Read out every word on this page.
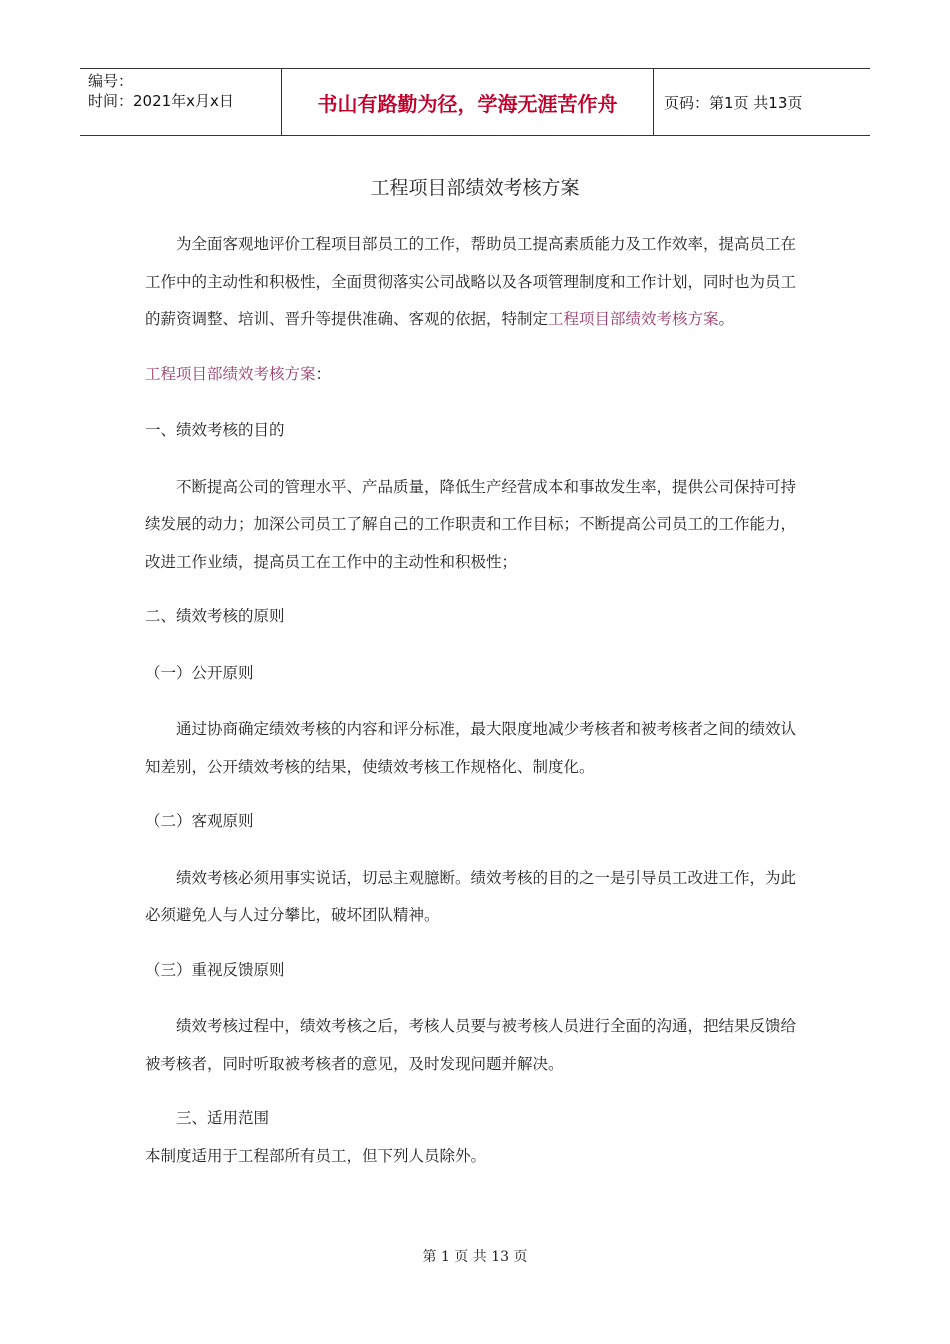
编号：
时间：2021年x月x日	书山有路勤为径，学海无涯苦作舟	页码：第1页 共13页
工程项目部绩效考核方案

为全面客观地评价工程项目部员工的工作，帮助员工提高素质能力及工作效率，提高员工在工作中的主动性和积极性，全面贯彻落实公司战略以及各项管理制度和工作计划，同时也为员工的薪资调整、培训、晋升等提供准确、客观的依据，特制定工程项目部绩效考核方案。

工程项目部绩效考核方案：

一、绩效考核的目的

不断提高公司的管理水平、产品质量，降低生产经营成本和事故发生率，提供公司保持可持续发展的动力；加深公司员工了解自己的工作职责和工作目标；不断提高公司员工的工作能力，改进工作业绩，提高员工在工作中的主动性和积极性；

二、绩效考核的原则

（一）公开原则

通过协商确定绩效考核的内容和评分标准，最大限度地减少考核者和被考核者之间的绩效认知差别，公开绩效考核的结果，使绩效考核工作规格化、制度化。

（二）客观原则

绩效考核必须用事实说话，切忌主观臆断。绩效考核的目的之一是引导员工改进工作，为此必须避免人与人过分攀比，破坏团队精神。

（三）重视反馈原则

绩效考核过程中，绩效考核之后，考核人员要与被考核人员进行全面的沟通，把结果反馈给被考核者，同时听取被考核者的意见，及时发现问题并解决。

三、适用范围

本制度适用于工程部所有员工，但下列人员除外。

第 1 页 共 13 页
